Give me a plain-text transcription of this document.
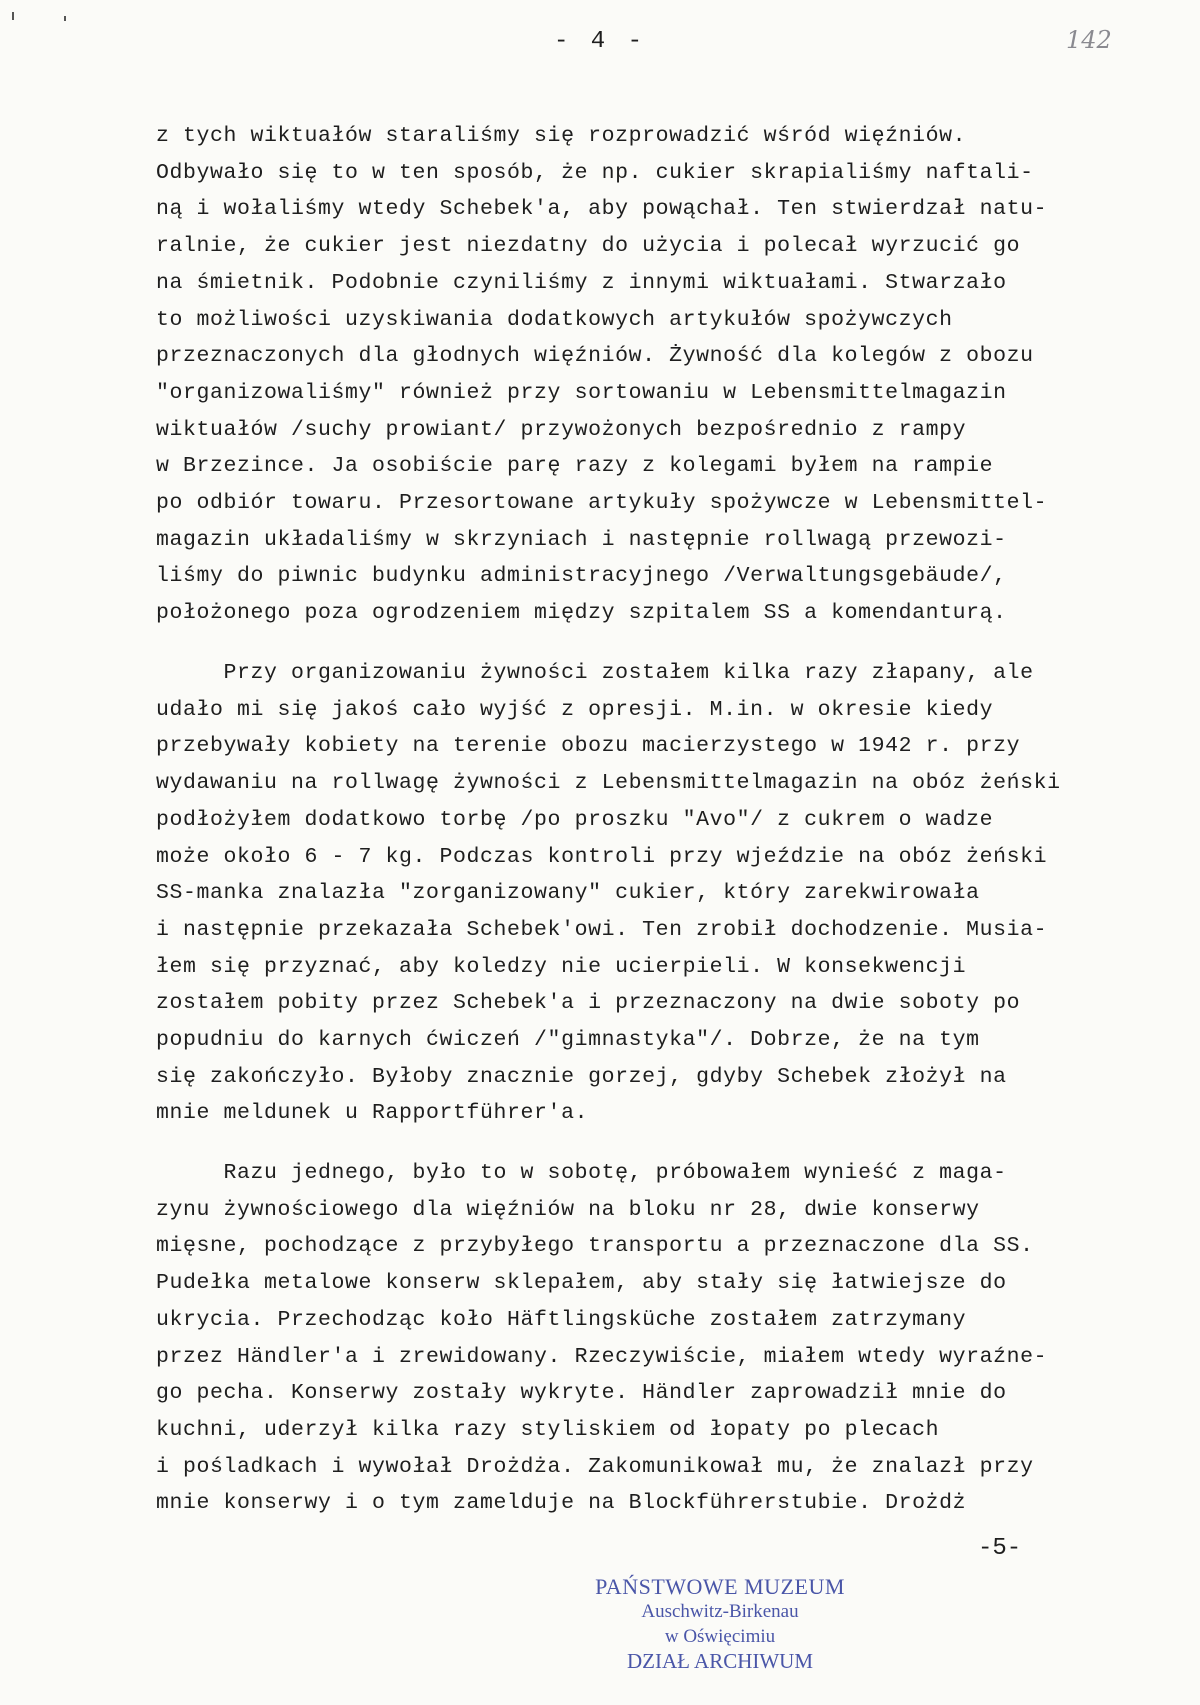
- 4 -	142
z tych wiktuałów staraliśmy się rozprowadzić wśród więźniów.
Odbywało się to w ten sposób, że np. cukier skrapialiśmy naftali-
ną i wołaliśmy wtedy Schebek'a, aby powąchał. Ten stwierdzał natu-
ralnie, że cukier jest niezdatny do użycia i polecał wyrzucić go
na śmietnik. Podobnie czyniliśmy z innymi wiktuałami. Stwarzało
to możliwości uzyskiwania dodatkowych artykułów spożywczych
przeznaczonych dla głodnych więźniów. Żywność dla kolegów z obozu
"organizowaliśmy" również przy sortowaniu w Lebensmittelmagazin
wiktuałów /suchy prowiant/ przywożonych bezpośrednio z rampy
w Brzezince. Ja osobiście parę razy z kolegami byłem na rampie
po odbiór towaru. Przesortowane artykuły spożywcze w Lebensmittel-
magazin układaliśmy w skrzyniach i następnie rollwagą przewozi-
liśmy do piwnic budynku administracyjnego /Verwaltungsgebäude/,
położonego poza ogrodzeniem między szpitalem SS a komendanturą.
Przy organizowaniu żywności zostałem kilka razy złapany, ale
udało mi się jakoś cało wyjść z opresji. M.in. w okresie kiedy
przebywały kobiety na terenie obozu macierzystego w 1942 r. przy
wydawaniu na rollwagę żywności z Lebensmittelmagazin na obóz żeński
podłożyłem dodatkowo torbę /po proszku "Avo"/ z cukrem o wadze
może około 6 - 7 kg. Podczas kontroli przy wjeździe na obóz żeński
SS-manka znalazła "zorganizowany" cukier, który zarekwirowała
i następnie przekazała Schebek'owi. Ten zrobił dochodzenie. Musia-
łem się przyznać, aby koledzy nie ucierpieli. W konsekwencji
zostałem pobity przez Schebek'a i przeznaczony na dwie soboty po
popudniu do karnych ćwiczeń /"gimnastyka"/. Dobrze, że na tym
się zakończyło. Byłoby znacznie gorzej, gdyby Schebek złożył na
mnie meldunek u Rapportführer'a.
Razu jednego, było to w sobotę, próbowałem wynieść z maga-
zynu żywnościowego dla więźniów na bloku nr 28, dwie konserwy
mięsne, pochodzące z przybyłego transportu a przeznaczone dla SS.
Pudełka metalowe konserw sklepałem, aby stały się łatwiejsze do
ukrycia. Przechodząc koło Häftlingsküche zostałem zatrzymany
przez Händler'a i zrewidowany. Rzeczywiście, miałem wtedy wyraźne-
go pecha. Konserwy zostały wykryte. Händler zaprowadził mnie do
kuchni, uderzył kilka razy styliskiem od łopaty po plecach
i pośladkach i wywołał Drożdża. Zakomunikował mu, że znalazł przy
mnie konserwy i o tym zamelduje na Blockführerstubie. Drożdż
-5-
PAŃSTWOWE MUZEUM
Auschwitz-Birkenau
w Oświęcimiu
DZIAŁ ARCHIWUM
